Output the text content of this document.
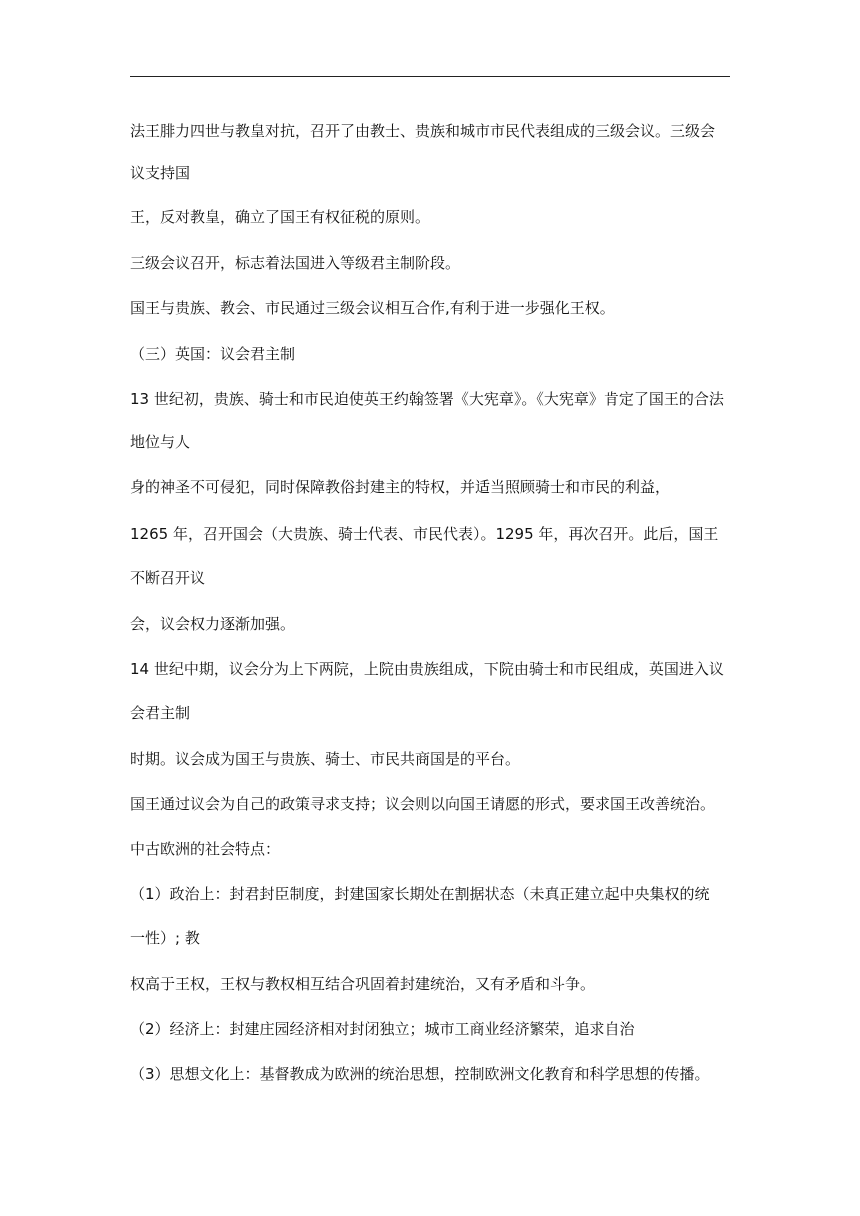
法王腓力四世与教皇对抗，召开了由教士、贵族和城市市民代表组成的三级会议。三级会
议支持国
王，反对教皇，确立了国王有权征税的原则。
三级会议召开，标志着法国进入等级君主制阶段。
国王与贵族、教会、市民通过三级会议相互合作,有利于进一步强化王权。
（三）英国：议会君主制
13 世纪初，贵族、骑士和市民迫使英王约翰签署《大宪章》。《大宪章》肯定了国王的合法
地位与人
身的神圣不可侵犯，同时保障教俗封建主的特权，并适当照顾骑士和市民的利益，
1265 年，召开国会（大贵族、骑士代表、市民代表）。1295 年，再次召开。此后，国王
不断召开议
会，议会权力逐渐加强。
14 世纪中期，议会分为上下两院，上院由贵族组成，下院由骑士和市民组成，英国进入议
会君主制
时期。议会成为国王与贵族、骑士、市民共商国是的平台。
国王通过议会为自己的政策寻求支持；议会则以向国王请愿的形式，要求国王改善统治。
中古欧洲的社会特点：
（1）政治上：封君封臣制度，封建国家长期处在割据状态（未真正建立起中央集权的统
一性）; 教
权高于王权，王权与教权相互结合巩固着封建统治，又有矛盾和斗争。
（2）经济上：封建庄园经济相对封闭独立；城市工商业经济繁荣，追求自治
（3）思想文化上：基督教成为欧洲的统治思想，控制欧洲文化教育和科学思想的传播。
